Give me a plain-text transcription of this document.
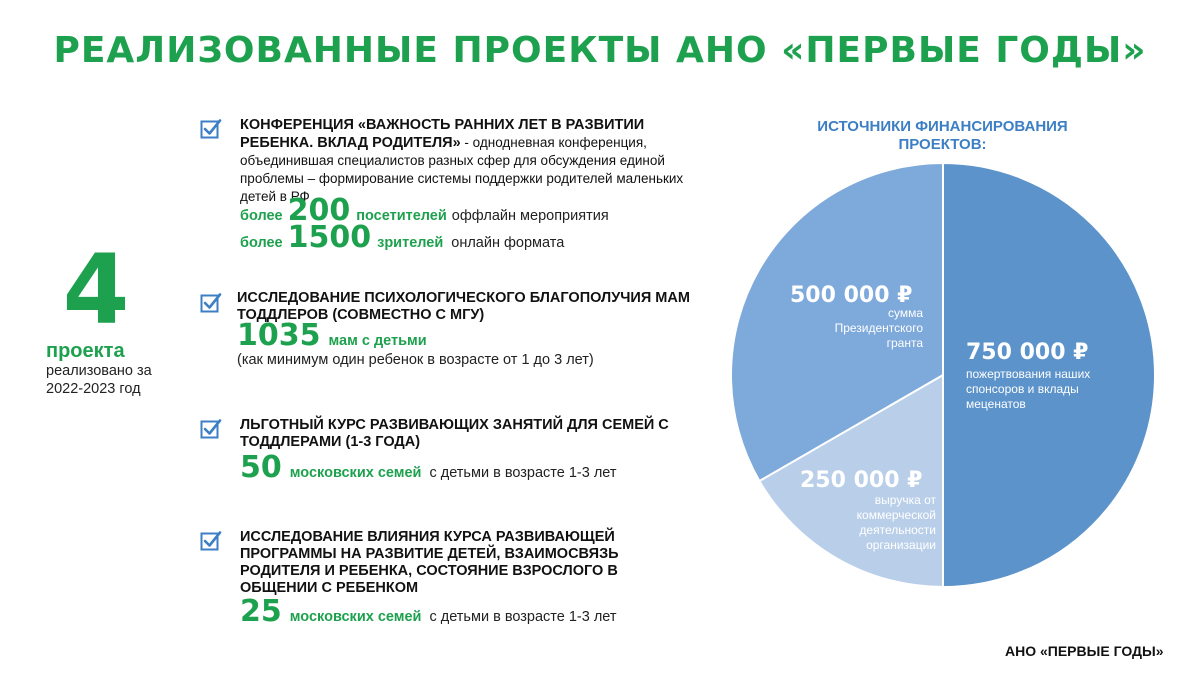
РЕАЛИЗОВАННЫЕ ПРОЕКТЫ АНО «ПЕРВЫЕ ГОДЫ»
4
проекта
реализовано за 2022-2023 год
КОНФЕРЕНЦИЯ «ВАЖНОСТЬ РАННИХ ЛЕТ В РАЗВИТИИ РЕБЕНКА. ВКЛАД РОДИТЕЛЯ» - однодневная конференция, объединившая специалистов разных сфер для обсуждения единой проблемы – формирование системы поддержки родителей маленьких детей в РФ
более 200 посетителей оффлайн мероприятия
более 1500 зрителей онлайн формата
ИССЛЕДОВАНИЕ ПСИХОЛОГИЧЕСКОГО БЛАГОПОЛУЧИЯ МАМ ТОДДЛЕРОВ (СОВМЕСТНО С МГУ)
1035 мам с детьми
(как минимум один ребенок в возрасте от 1 до 3 лет)
ЛЬГОТНЫЙ КУРС РАЗВИВАЮЩИХ ЗАНЯТИЙ ДЛЯ СЕМЕЙ С ТОДДЛЕРАМИ (1-3 ГОДА)
50 московских семей с детьми в возрасте 1-3 лет
ИССЛЕДОВАНИЕ ВЛИЯНИЯ КУРСА РАЗВИВАЮЩЕЙ ПРОГРАММЫ НА РАЗВИТИЕ ДЕТЕЙ, ВЗАИМОСВЯЗЬ РОДИТЕЛЯ И РЕБЕНКА, СОСТОЯНИЕ ВЗРОСЛОГО В ОБЩЕНИИ С РЕБЕНКОМ
25 московских семей с детьми в возрасте 1-3 лет
ИСТОЧНИКИ ФИНАНСИРОВАНИЯ ПРОЕКТОВ:
750 000 ₽
пожертвования наших спонсоров и вклады меценатов
250 000 ₽
выручка от коммерческой деятельности организации
500 000 ₽
сумма Президентского гранта
АНО «ПЕРВЫЕ ГОДЫ»
